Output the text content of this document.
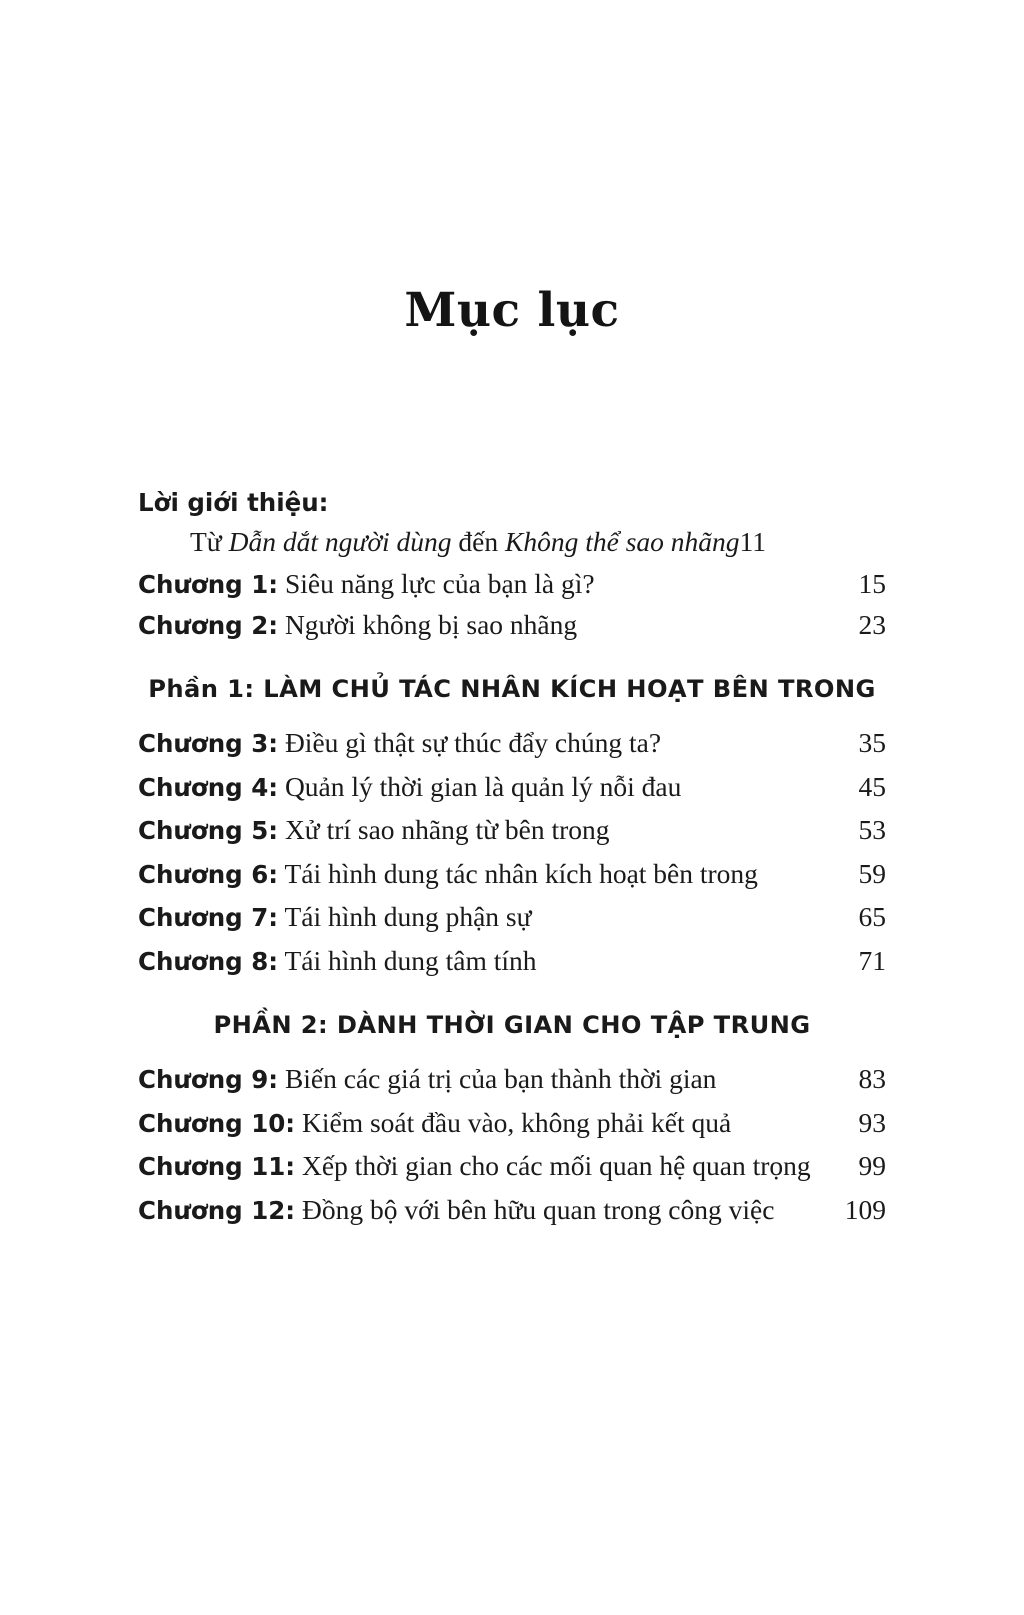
Mục lục
Lời giới thiệu:
Từ Dẫn dắt người dùng đến Không thể sao nhãng 11
Chương 1: Siêu năng lực của bạn là gì?	15
Chương 2: Người không bị sao nhãng	23
Phần 1: LÀM CHỦ TÁC NHÂN KÍCH HOẠT BÊN TRONG
Chương 3: Điều gì thật sự thúc đẩy chúng ta?	35
Chương 4: Quản lý thời gian là quản lý nỗi đau	45
Chương 5: Xử trí sao nhãng từ bên trong	53
Chương 6: Tái hình dung tác nhân kích hoạt bên trong	59
Chương 7: Tái hình dung phận sự	65
Chương 8: Tái hình dung tâm tính	71
PHẦN 2: DÀNH THỜI GIAN CHO TẬP TRUNG
Chương 9: Biến các giá trị của bạn thành thời gian	83
Chương 10: Kiểm soát đầu vào, không phải kết quả	93
Chương 11: Xếp thời gian cho các mối quan hệ quan trọng 99
Chương 12: Đồng bộ với bên hữu quan trong công việc	109
